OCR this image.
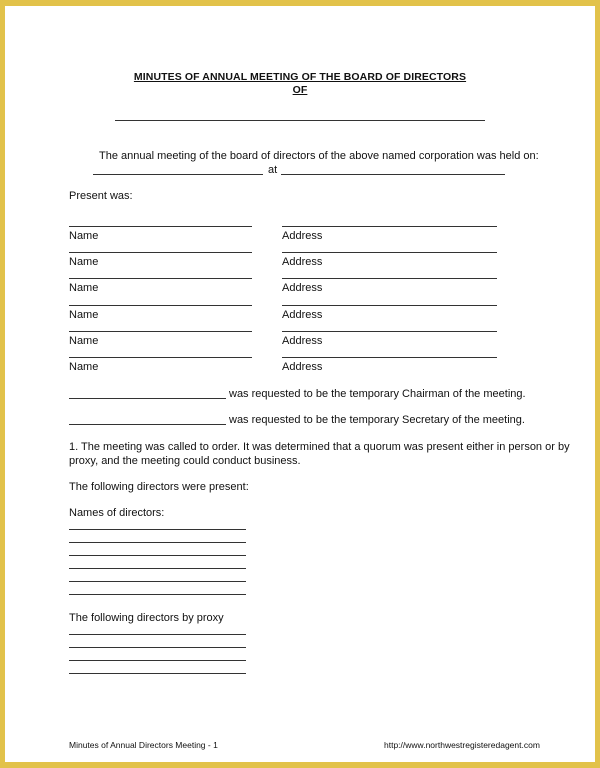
MINUTES OF ANNUAL MEETING OF THE BOARD OF DIRECTORS
OF
The annual meeting of the board of directors of the above named corporation was held on:
at
Present was:
Name	Address
Name	Address
Name	Address
Name	Address
Name	Address
Name	Address
was requested to be the temporary Chairman of the meeting.
was requested to be the temporary Secretary of the meeting.
1. The meeting was called to order. It was determined that a quorum was present either in person or by
proxy, and the meeting could conduct business.
The following directors were present:
Names of directors:
The following directors by proxy
Minutes of Annual Directors Meeting - 1	http://www.northwestregisteredagent.com
